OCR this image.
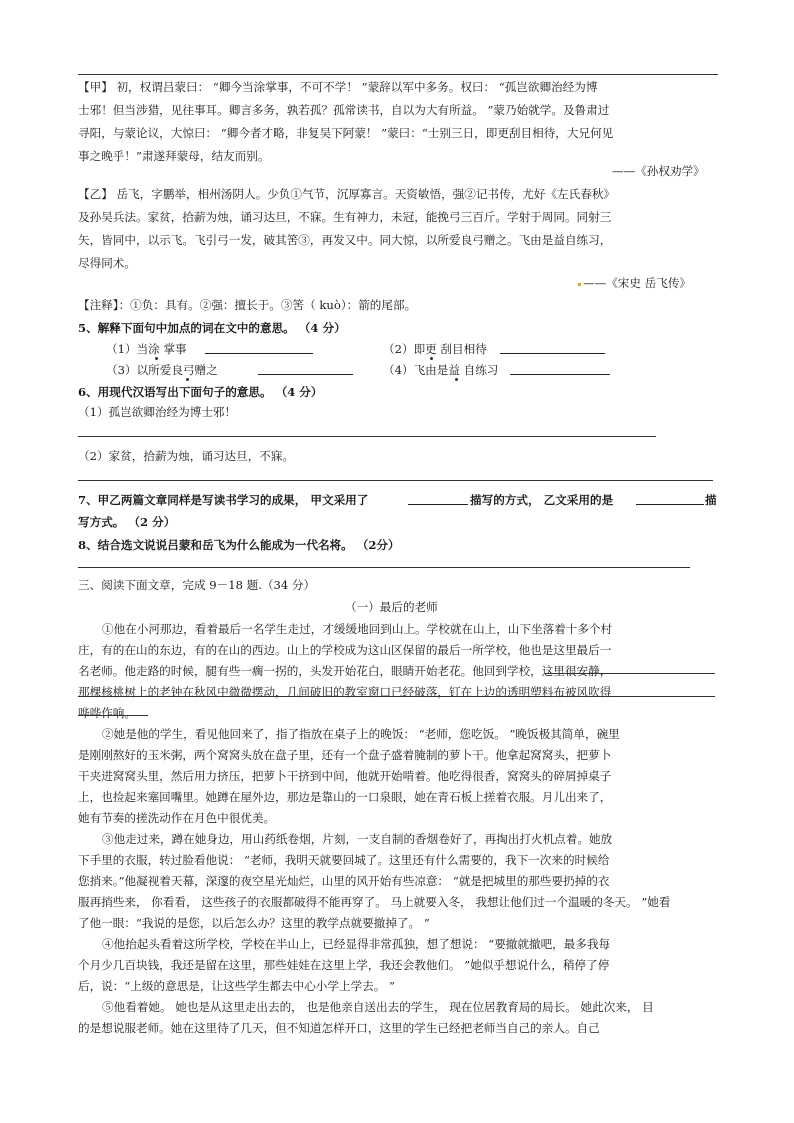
【甲】 初，权谓吕蒙曰： “卿今当涂掌事，不可不学！ ”蒙辞以军中多务。权曰： “孤岂欲卿治经为博
士邪！但当涉猎，见往事耳。卿言多务，孰若孤？孤常读书，自以为大有所益。 ”蒙乃始就学。及鲁肃过
寻阳，与蒙论议，大惊曰： “卿今者才略，非复吴下阿蒙！ ”蒙曰：“士别三日，即更刮目相待，大兄何见
事之晚乎！”肃遂拜蒙母，结友而别。
——《孙权劝学》
【乙】 岳飞，字鹏举，相州汤阴人。少负①气节，沉厚寡言。天资敏悟，强②记书传，尤好《左氏春秋》
及孙吴兵法。家贫，拾薪为烛，诵习达旦，不寐。生有神力，未冠，能挽弓三百斤。学射于周同。同射三
矢，皆同中，以示飞。飞引弓一发，破其筈③，再发又中。同大惊，以所爱良弓赠之。飞由是益自练习，
尽得同术。
——《宋史 岳飞传》
【注释】：①负：具有。②强：擅长于。③筈（ kuò）：箭的尾部。
5、解释下面句中加点的词在文中的意思。 （4 分）
（1）当涂 掌事	（2）即更 刮目相待
（3）以所爱良弓赠之	（4）飞由是益 自练习
6、用现代汉语写出下面句子的意思。 （4 分）
（1）孤岂欲卿治经为博士邪！
（2）家贫，拾薪为烛，诵习达旦，不寐。
7、甲乙两篇文章同样是写读书学习的成果， 甲文采用了	描写的方式， 乙文采用的是	描
写方式。 （2 分）
8、结合选文说说吕蒙和岳飞为什么能成为一代名将。 （2分）
三、阅读下面文章，完成 9－18 题.（34 分）
（一）最后的老师
①他在小河那边，看着最后一名学生走过，才缓缓地回到山上。学校就在山上，山下坐落着十多个村
庄，有的在山的东边，有的在山的西边。山上的学校成为这山区保留的最后一所学校，他也是这里最后一
名老师。他走路的时候，腿有些一瘸一拐的，头发开始花白，眼睛开始老花。他回到学校，这里很安静，
那棵核桃树上的老钟在秋风中微微摆动，几间破旧的教室窗口已经破落，钉在上边的透明塑料布被风吹得
哗哗作响。
②她是他的学生，看见他回来了，指了指放在桌子上的晚饭： “老师，您吃饭。 ”晚饭极其简单，碗里
是刚刚熬好的玉米粥，两个窝窝头放在盘子里，还有一个盘子盛着腌制的萝卜干。他拿起窝窝头，把萝卜
干夹进窝窝头里，然后用力挤压，把萝卜干挤到中间，他就开始啃着。他吃得很香，窝窝头的碎屑掉桌子
上，也捡起来塞回嘴里。她蹲在屋外边，那边是靠山的一口泉眼，她在青石板上搓着衣服。月儿出来了，
她有节奏的搓洗动作在月色中很优美。
③他走过来，蹲在她身边，用山药纸卷烟，片刻，一支自制的香烟卷好了，再掏出打火机点着。她放
下手里的衣服，转过脸看他说： “老师，我明天就要回城了。这里还有什么需要的，我下一次来的时候给
您捎来。”他凝视着天幕，深邃的夜空星光灿烂，山里的风开始有些凉意： “就是把城里的那些要扔掉的衣
服再捎些来， 你看看， 这些孩子的衣服都破得不能再穿了。 马上就要入冬， 我想让他们过一个温暖的冬天。 ”她看
了他一眼：“我说的是您，以后怎么办？这里的教学点就要撤掉了。 ”
④他抬起头看着这所学校，学校在半山上，已经显得非常孤独，想了想说： “要撤就撤吧，最多我每
个月少几百块钱，我还是留在这里，那些娃娃在这里上学，我还会教他们。 ”她似乎想说什么，稍停了停
后，说：“上级的意思是，让这些学生都去中心小学上学去。 ”
⑤他看着她。 她也是从这里走出去的， 也是他亲自送出去的学生， 现在位居教育局的局长。 她此次来， 目
的是想说服老师。她在这里待了几天，但不知道怎样开口，这里的学生已经把老师当自己的亲人。自己
